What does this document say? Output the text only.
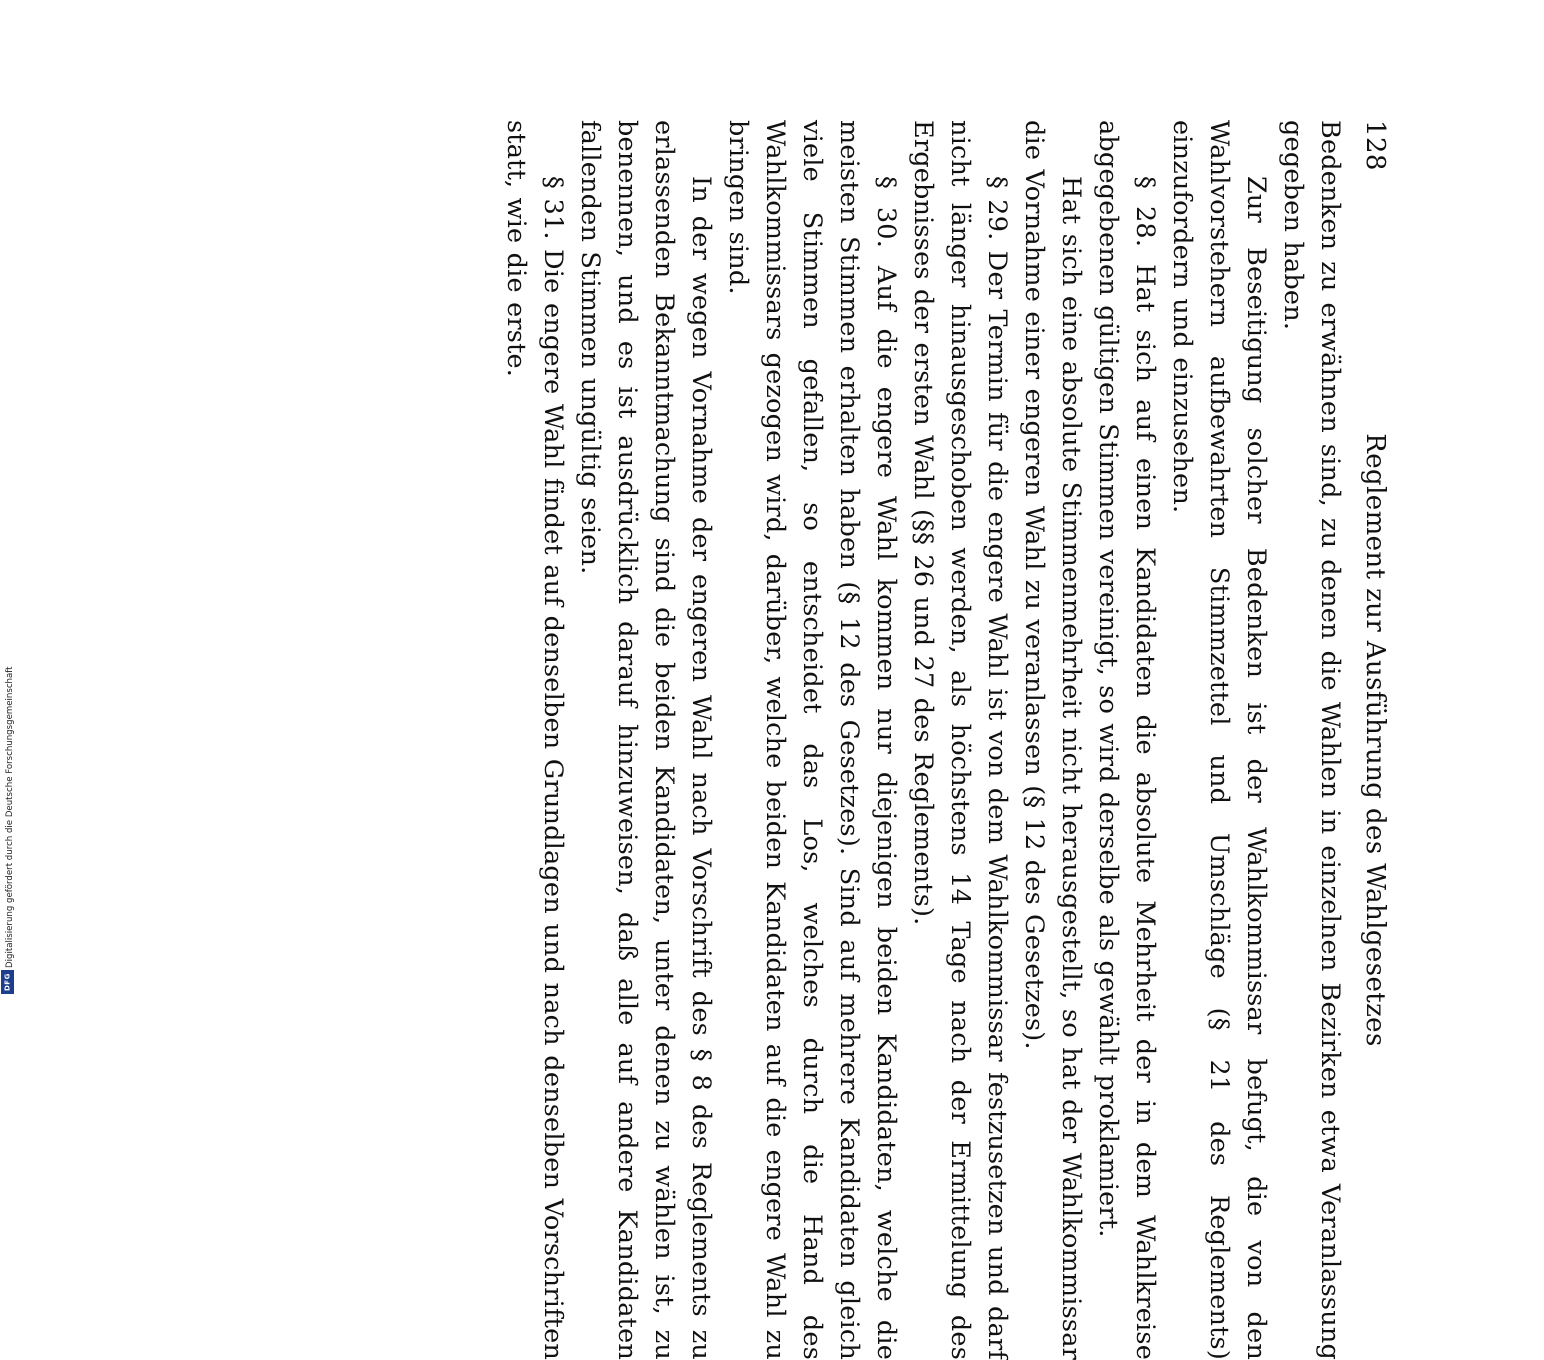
128
Reglement zur Ausführung des Wahlgesetzes

Bedenken zu erwähnen sind, zu denen die Wahlen in einzelnen Bezirken etwa Veranlassung gegeben haben.

Zur Beseitigung solcher Bedenken ist der Wahlkommissar befugt, die von den Wahlvorstehern aufbewahrten Stimmzettel und Umschläge (§ 21 des Reglements) einzufordern und einzusehen.

§ 28. Hat sich auf einen Kandidaten die absolute Mehrheit der in dem Wahlkreise abgegebenen gültigen Stimmen vereinigt, so wird derselbe als gewählt proklamiert.

Hat sich eine absolute Stimmenmehrheit nicht herausgestellt, so hat der Wahlkommissar die Vornahme einer engeren Wahl zu veranlassen (§ 12 des Gesetzes).

§ 29. Der Termin für die engere Wahl ist von dem Wahlkommissar festzusetzen und darf nicht länger hinausgeschoben werden, als höchstens 14 Tage nach der Ermittelung des Ergebnisses der ersten Wahl (§§ 26 und 27 des Reglements).

§ 30. Auf die engere Wahl kommen nur diejenigen beiden Kandidaten, welche die meisten Stimmen erhalten haben (§ 12 des Gesetzes). Sind auf mehrere Kandidaten gleich viele Stimmen gefallen, so entscheidet das Los, welches durch die Hand des Wahlkommissars gezogen wird, darüber, welche beiden Kandidaten auf die engere Wahl zu bringen sind.

In der wegen Vornahme der engeren Wahl nach Vorschrift des § 8 des Reglements zu erlassenden Bekanntmachung sind die beiden Kandidaten, unter denen zu wählen ist, zu benennen, und es ist ausdrücklich darauf hinzuweisen, daß alle auf andere Kandidaten fallenden Stimmen ungültig seien.

§ 31. Die engere Wahl findet auf denselben Grundlagen und nach denselben Vorschriften statt, wie die erste.

Digitalisierung gefördert durch die Deutsche Forschungsgemeinschaft
DFG
